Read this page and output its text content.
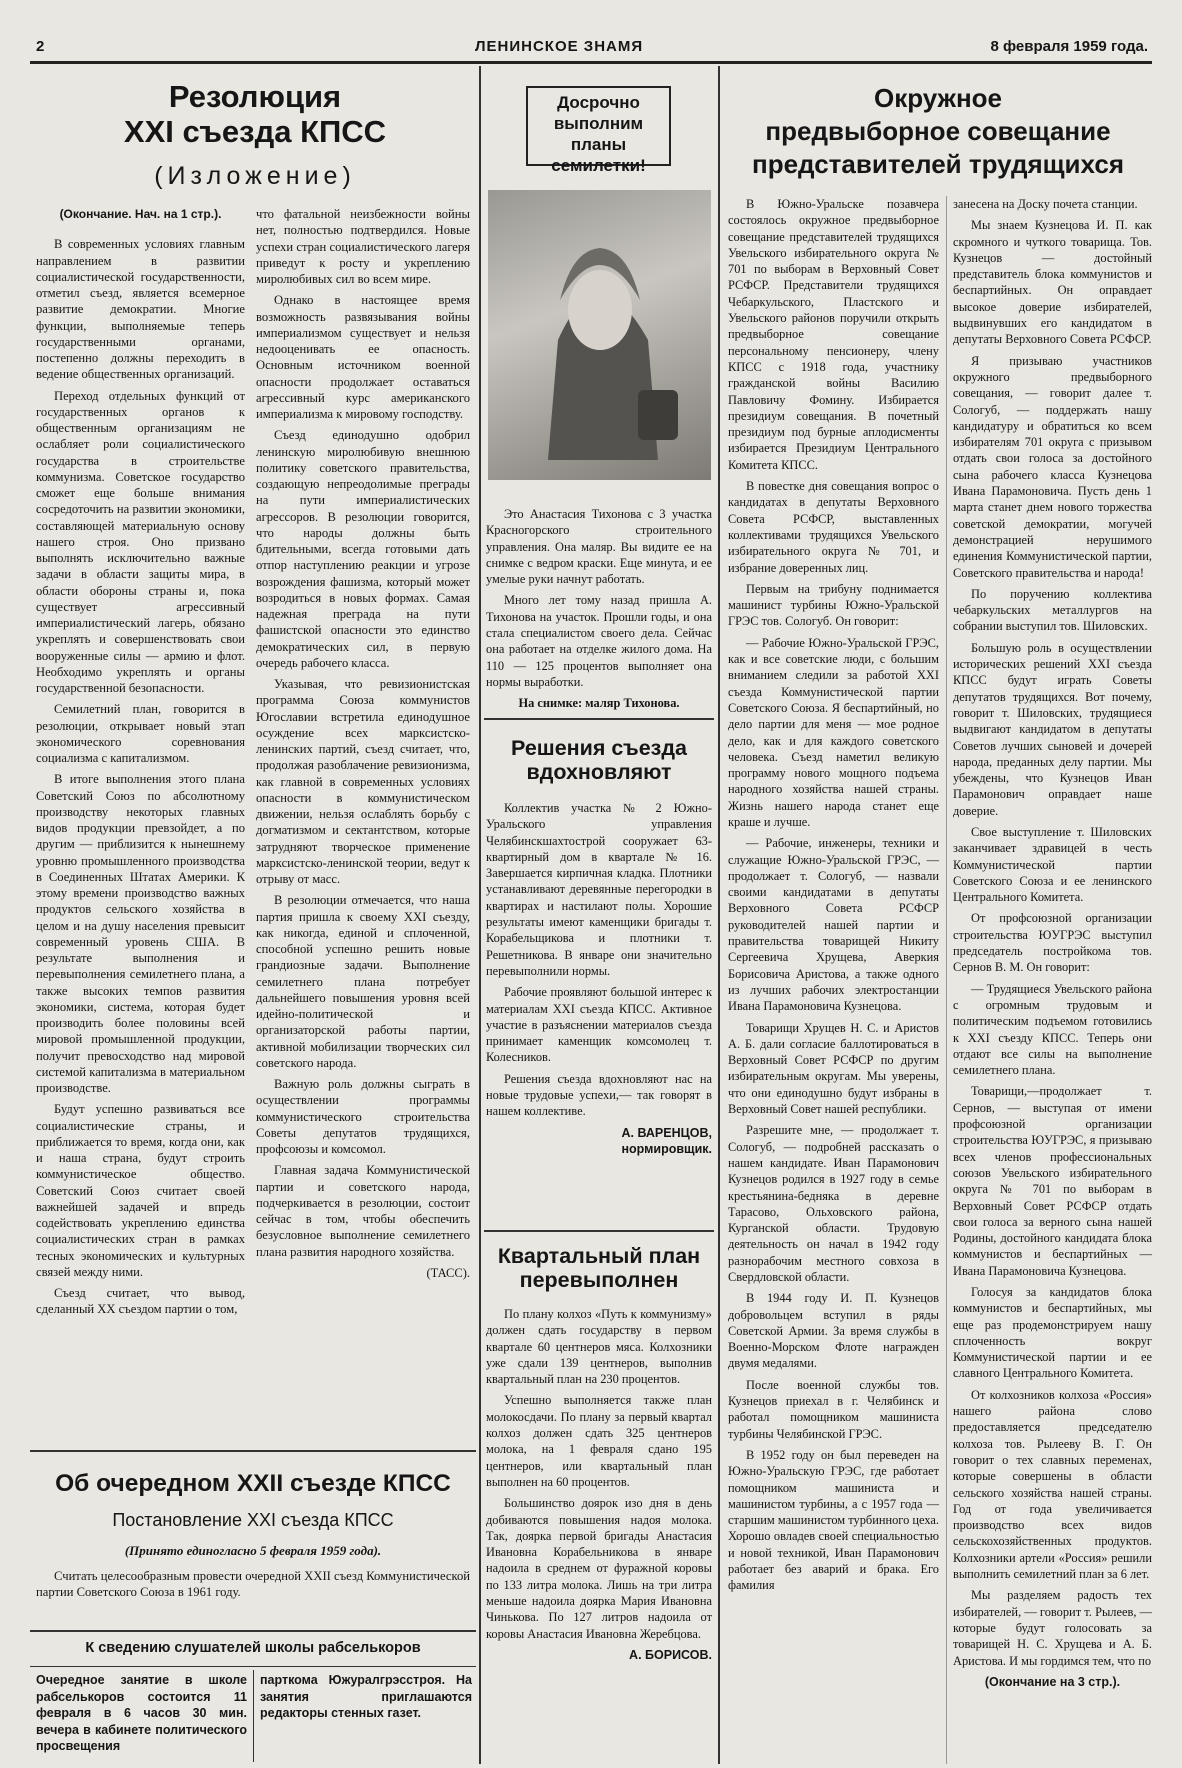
2	ЛЕНИНСКОЕ ЗНАМЯ	8 февраля 1959 года.
Резолюция
XXI съезда КПСС
(Изложение)
(Окончание. Нач. на 1 стр.).

В современных условиях главным направлением в развитии социалистической государственности, отметил съезд, является всемерное развитие демократии. Многие функции, выполняемые теперь государственными органами, постепенно должны переходить в ведение общественных организаций.

Переход отдельных функций от государственных органов к общественным организациям не ослабляет роли социалистического государства в строительстве коммунизма. Советское государство сможет еще больше внимания сосредоточить на развитии экономики, составляющей материальную основу нашего строя. Оно призвано выполнять исключительно важные задачи в области защиты мира, в области обороны страны и, пока существует агрессивный империалистический лагерь, обязано укреплять и совершенствовать свои вооруженные силы — армию и флот. Необходимо укреплять и органы государственной безопасности.

Семилетний план, говорится в резолюции, открывает новый этап экономического соревнования социализма с капитализмом.

В итоге выполнения этого плана Советский Союз по абсолютному производству некоторых главных видов продукции превзойдет, а по другим — приблизится к нынешнему уровню промышленного производства в Соединенных Штатах Америки. К этому времени производство важных продуктов сельского хозяйства в целом и на душу населения превысит современный уровень США. В результате выполнения и перевыполнения семилетнего плана, а также высоких темпов развития экономики, система, которая будет производить более половины всей мировой промышленной продукции, получит превосходство над мировой системой капитализма в материальном производстве.

Будут успешно развиваться все социалистические страны, и приближается то время, когда они, как и наша страна, будут строить коммунистическое общество. Советский Союз считает своей важнейшей задачей и впредь содействовать укреплению единства социалистических стран в рамках тесных экономических и культурных связей между ними.

Съезд считает, что вывод, сделанный XX съездом партии о том,

что фатальной неизбежности войны нет, полностью подтвердился. Новые успехи стран социалистического лагеря приведут к росту и укреплению миролюбивых сил во всем мире.

Однако в настоящее время возможность развязывания войны империализмом существует и нельзя недооценивать ее опасность. Основным источником военной опасности продолжает оставаться агрессивный курс американского империализма к мировому господству.

Съезд единодушно одобрил ленинскую миролюбивую внешнюю политику советского правительства, создающую непреодолимые преграды на пути империалистических агрессоров. В резолюции говорится, что народы должны быть бдительными, всегда готовыми дать отпор наступлению реакции и угрозе возрождения фашизма, который может возродиться в новых формах. Самая надежная преграда на пути фашистской опасности это единство демократических сил, в первую очередь рабочего класса.

Указывая, что ревизионистская программа Союза коммунистов Югославии встретила единодушное осуждение всех марксистско-ленинских партий, съезд считает, что, продолжая разоблачение ревизионизма, как главной в современных условиях опасности в коммунистическом движении, нельзя ослаблять борьбу с догматизмом и сектантством, которые затрудняют творческое применение марксистско-ленинской теории, ведут к отрыву от масс.

В резолюции отмечается, что наша партия пришла к своему XXI съезду, как никогда, единой и сплоченной, способной успешно решить новые грандиозные задачи. Выполнение семилетнего плана потребует дальнейшего повышения уровня всей идейно-политической и организаторской работы партии, активной мобилизации творческих сил советского народа.

Важную роль должны сыграть в осуществлении программы коммунистического строительства Советы депутатов трудящихся, профсоюзы и комсомол.

Главная задача Коммунистической партии и советского народа, подчеркивается в резолюции, состоит сейчас в том, чтобы обеспечить безусловное выполнение семилетнего плана развития народного хозяйства.

(ТАСС).
Об очередном XXII съезде КПСС
Постановление XXI съезда КПСС
(Принято единогласно 5 февраля 1959 года).

Считать целесообразным провести очередной XXII съезд Коммунистической партии Советского Союза в 1961 году.

К сведению слушателей школы рабселькоров
Очередное занятие в школе рабселькоров состоится 11 февраля в 6 часов 30 мин. вечера в кабинете политического просвещения
парткома Южуралгрэсстроя. На занятия приглашаются редакторы стенных газет.
Досрочно выполним планы семилетки!

Это Анастасия Тихонова с 3 участка Красногорского строительного управления. Она маляр. Вы видите ее на снимке с ведром краски. Еще минута, и ее умелые руки начнут работать.

Много лет тому назад пришла А. Тихонова на участок. Прошли годы, и она стала специалистом своего дела. Сейчас она работает на отделке жилого дома. На 110 — 125 процентов выполняет она нормы выработки.

На снимке: маляр Тихонова.
Решения съезда вдохновляют

Коллектив участка № 2 Южно-Уральского управления Челябинскшахтострой сооружает 63-квартирный дом в квартале № 16. Завершается кирпичная кладка. Плотники устанавливают деревянные перегородки в квартирах и настилают полы. Хорошие результаты имеют каменщики бригады т. Корабельщикова и плотники т. Решетникова. В январе они значительно перевыполнили нормы.

Рабочие проявляют большой интерес к материалам XXI съезда КПСС. Активное участие в разъяснении материалов съезда принимает каменщик комсомолец т. Колесников.

Решения съезда вдохновляют нас на новые трудовые успехи,— так говорят в нашем коллективе.

А. ВАРЕНЦОВ,
нормировщик.
Квартальный план перевыполнен

По плану колхоз «Путь к коммунизму» должен сдать государству в первом квартале 60 центнеров мяса. Колхозники уже сдали 139 центнеров, выполнив квартальный план на 230 процентов.

Успешно выполняется также план молокосдачи. По плану за первый квартал колхоз должен сдать 325 центнеров молока, на 1 февраля сдано 195 центнеров, или квартальный план выполнен на 60 процентов.

Большинство доярок изо дня в день добиваются повышения надоя молока. Так, доярка первой бригады Анастасия Ивановна Корабельникова в январе надоила в среднем от фуражной коровы по 133 литра молока. Лишь на три литра меньше надоила доярка Мария Ивановна Чинькова. По 127 литров надоила от коровы Анастасия Ивановна Жеребцова.

А. БОРИСОВ.
Окружное
предвыборное совещание
представителей трудящихся

В Южно-Уральске позавчера состоялось окружное предвыборное совещание представителей трудящихся Увельского избирательного округа № 701 по выборам в Верховный Совет РСФСР. Представители трудящихся Чебаркульского, Пластского и Увельского районов поручили открыть предвыборное совещание персональному пенсионеру, члену КПСС с 1918 года, участнику гражданской войны Василию Павловичу Фомину. Избирается президиум совещания. В почетный президиум под бурные аплодисменты избирается Президиум Центрального Комитета КПСС.

В повестке дня совещания вопрос о кандидатах в депутаты Верховного Совета РСФСР, выставленных коллективами трудящихся Увельского избирательного округа № 701, и избрание доверенных лиц.

Первым на трибуну поднимается машинист турбины Южно-Уральской ГРЭС тов. Сологуб. Он говорит:

— Рабочие Южно-Уральской ГРЭС, как и все советские люди, с большим вниманием следили за работой XXI съезда Коммунистической партии Советского Союза. Я беспартийный, но дело партии для меня — мое родное дело, как и для каждого советского человека. Съезд наметил великую программу нового мощного подъема народного хозяйства нашей страны. Жизнь нашего народа станет еще краше и лучше.

— Рабочие, инженеры, техники и служащие Южно-Уральской ГРЭС, — продолжает т. Сологуб, — назвали своими кандидатами в депутаты Верховного Совета РСФСР руководителей нашей партии и правительства товарищей Никиту Сергеевича Хрущева, Аверкия Борисовича Аристова, а также одного из лучших рабочих электростанции Ивана Парамоновича Кузнецова.

Товарищи Хрущев Н. С. и Аристов А. Б. дали согласие баллотироваться в Верховный Совет РСФСР по другим избирательным округам. Мы уверены, что они единодушно будут избраны в Верховный Совет нашей республики.

Разрешите мне, — продолжает т. Сологуб, — подробней рассказать о нашем кандидате. Иван Парамонович Кузнецов родился в 1927 году в семье крестьянина-бедняка в деревне Тарасово, Ольховского района, Курганской области. Трудовую деятельность он начал в 1942 году разнорабочим местного совхоза в Свердловской области.

В 1944 году И. П. Кузнецов добровольцем вступил в ряды Советской Армии. За время службы в Военно-Морском Флоте награжден двумя медалями.

После военной службы тов. Кузнецов приехал в г. Челябинск и работал помощником машиниста турбины Челябинской ГРЭС.

В 1952 году он был переведен на Южно-Уральскую ГРЭС, где работает помощником машиниста и машинистом турбины, а с 1957 года — старшим машинистом турбинного цеха. Хорошо овладев своей специальностью и новой техникой, Иван Парамонович работает без аварий и брака. Его фамилия

занесена на Доску почета станции.

Мы знаем Кузнецова И. П. как скромного и чуткого товарища. Тов. Кузнецов — достойный представитель блока коммунистов и беспартийных. Он оправдает высокое доверие избирателей, выдвинувших его кандидатом в депутаты Верховного Совета РСФСР.

Я призываю участников окружного предвыборного совещания, — говорит далее т. Сологуб, — поддержать нашу кандидатуру и обратиться ко всем избирателям 701 округа с призывом отдать свои голоса за достойного сына рабочего класса Кузнецова Ивана Парамоновича. Пусть день 1 марта станет днем нового торжества советской демократии, могучей демонстрацией нерушимого единения Коммунистической партии, Советского правительства и народа!

По поручению коллектива чебаркульских металлургов на собрании выступил тов. Шиловских.

Большую роль в осуществлении исторических решений XXI съезда КПСС будут играть Советы депутатов трудящихся. Вот почему, говорит т. Шиловских, трудящиеся выдвигают кандидатом в депутаты Советов лучших сыновей и дочерей народа, преданных делу партии. Мы убеждены, что Кузнецов Иван Парамонович оправдает наше доверие.

Свое выступление т. Шиловских заканчивает здравицей в честь Коммунистической партии Советского Союза и ее ленинского Центрального Комитета.

От профсоюзной организации строительства ЮУГРЭС выступил председатель постройкома тов. Сернов В. М. Он говорит:

— Трудящиеся Увельского района с огромным трудовым и политическим подъемом готовились к XXI съезду КПСС. Теперь они отдают все силы на выполнение семилетнего плана.

Товарищи,—продолжает т. Сернов, — выступая от имени профсоюзной организации строительства ЮУГРЭС, я призываю всех членов профессиональных союзов Увельского избирательного округа № 701 по выборам в Верховный Совет РСФСР отдать свои голоса за верного сына нашей Родины, достойного кандидата блока коммунистов и беспартийных — Ивана Парамоновича Кузнецова.

Голосуя за кандидатов блока коммунистов и беспартийных, мы еще раз продемонстрируем нашу сплоченность вокруг Коммунистической партии и ее славного Центрального Комитета.

От колхозников колхоза «Россия» нашего района слово предоставляется председателю колхоза тов. Рылееву В. Г. Он говорит о тех славных переменах, которые совершены в области сельского хозяйства нашей страны. Год от года увеличивается производство всех видов сельскохозяйственных продуктов. Колхозники артели «Россия» решили выполнить семилетний план за 6 лет.

Мы разделяем радость тех избирателей, — говорит т. Рылеев, — которые будут голосовать за товарищей Н. С. Хрущева и А. Б. Аристова. И мы гордимся тем, что по

(Окончание на 3 стр.).
